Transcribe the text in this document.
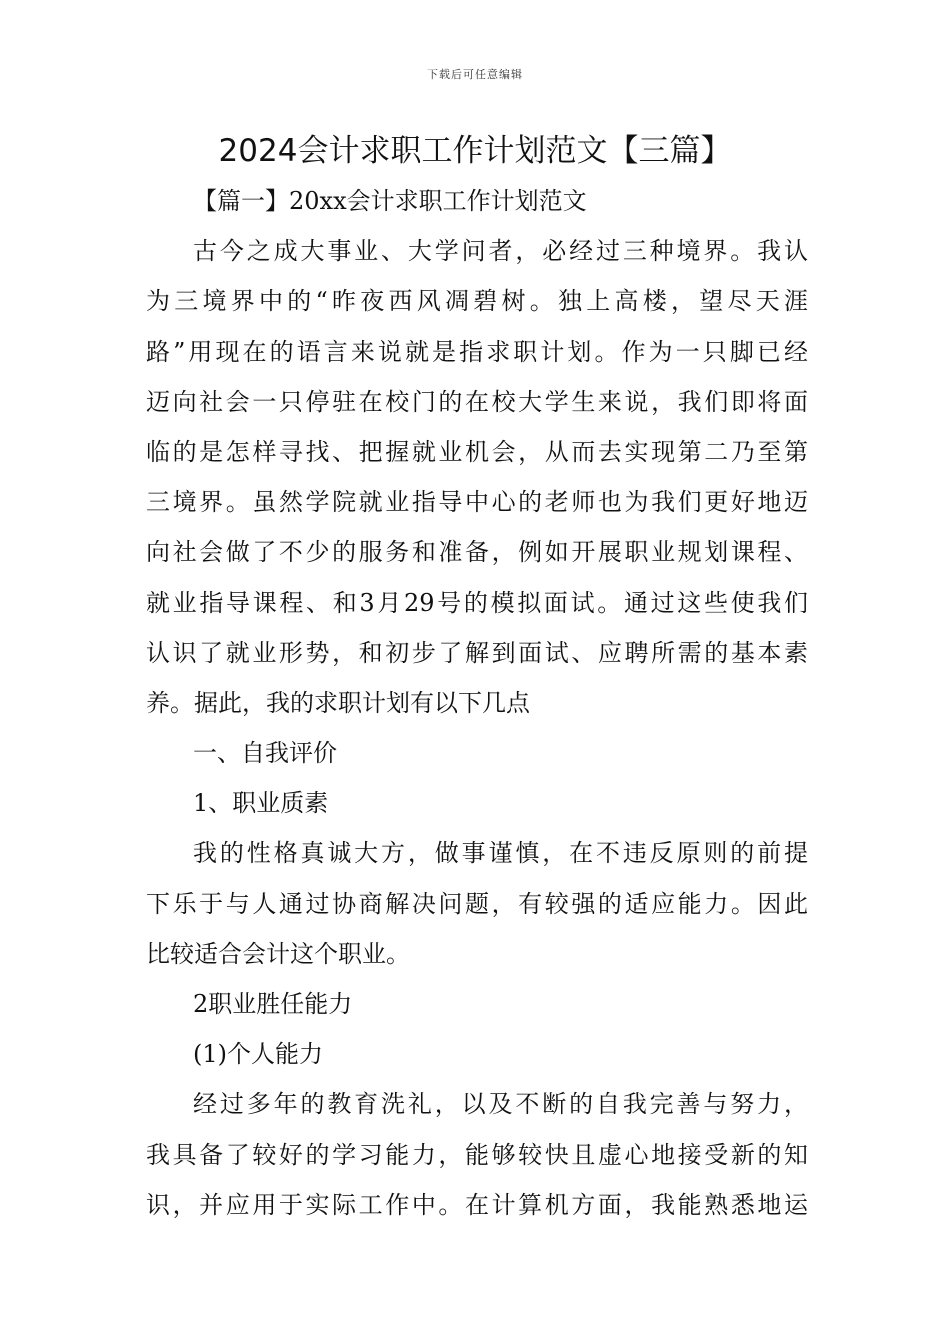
下载后可任意编辑
2024会计求职工作计划范文【三篇】
【篇一】20xx会计求职工作计划范文
古今之成大事业、大学问者，必经过三种境界。我认
为三境界中的“昨夜西风凋碧树。独上高楼，望尽天涯
路”用现在的语言来说就是指求职计划。作为一只脚已经
迈向社会一只停驻在校门的在校大学生来说，我们即将面
临的是怎样寻找、把握就业机会，从而去实现第二乃至第
三境界。虽然学院就业指导中心的老师也为我们更好地迈
向社会做了不少的服务和准备，例如开展职业规划课程、
就业指导课程、和3月29号的模拟面试。通过这些使我们
认识了就业形势，和初步了解到面试、应聘所需的基本素
养。据此，我的求职计划有以下几点
一、自我评价
1、职业质素
我的性格真诚大方，做事谨慎，在不违反原则的前提
下乐于与人通过协商解决问题，有较强的适应能力。因此
比较适合会计这个职业。
2职业胜任能力
(1)个人能力
经过多年的教育洗礼，以及不断的自我完善与努力，
我具备了较好的学习能力，能够较快且虚心地接受新的知
识，并应用于实际工作中。在计算机方面，我能熟悉地运
